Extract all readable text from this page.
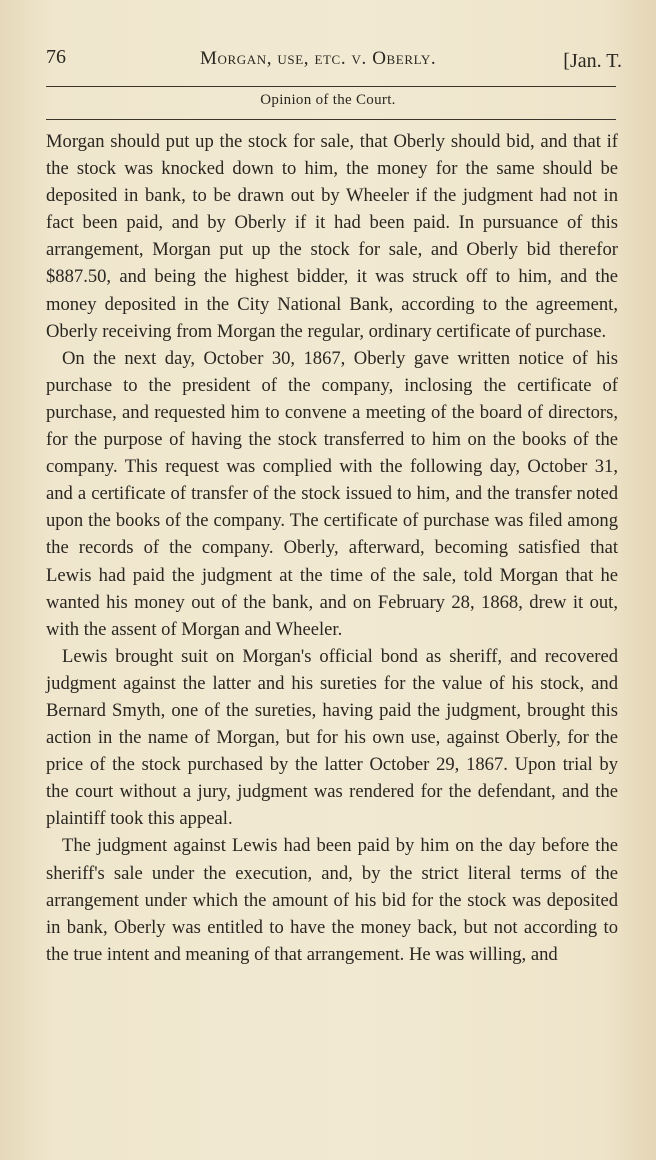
76	Morgan, use, etc. v. Oberly.	[Jan. T.
Opinion of the Court.

Morgan should put up the stock for sale, that Oberly should bid, and that if the stock was knocked down to him, the money for the same should be deposited in bank, to be drawn out by Wheeler if the judgment had not in fact been paid, and by Oberly if it had been paid. In pursuance of this arrangement, Morgan put up the stock for sale, and Oberly bid therefor $887.50, and being the highest bidder, it was struck off to him, and the money deposited in the City National Bank, according to the agreement, Oberly receiving from Morgan the regular, ordinary certificate of purchase.

On the next day, October 30, 1867, Oberly gave written notice of his purchase to the president of the company, inclosing the certificate of purchase, and requested him to convene a meeting of the board of directors, for the purpose of having the stock transferred to him on the books of the company. This request was complied with the following day, October 31, and a certificate of transfer of the stock issued to him, and the transfer noted upon the books of the company. The certificate of purchase was filed among the records of the company. Oberly, afterward, becoming satisfied that Lewis had paid the judgment at the time of the sale, told Morgan that he wanted his money out of the bank, and on February 28, 1868, drew it out, with the assent of Morgan and Wheeler.

Lewis brought suit on Morgan's official bond as sheriff, and recovered judgment against the latter and his sureties for the value of his stock, and Bernard Smyth, one of the sureties, having paid the judgment, brought this action in the name of Morgan, but for his own use, against Oberly, for the price of the stock purchased by the latter October 29, 1867. Upon trial by the court without a jury, judgment was rendered for the defendant, and the plaintiff took this appeal.

The judgment against Lewis had been paid by him on the day before the sheriff's sale under the execution, and, by the strict literal terms of the arrangement under which the amount of his bid for the stock was deposited in bank, Oberly was entitled to have the money back, but not according to the true intent and meaning of that arrangement. He was willing, and
